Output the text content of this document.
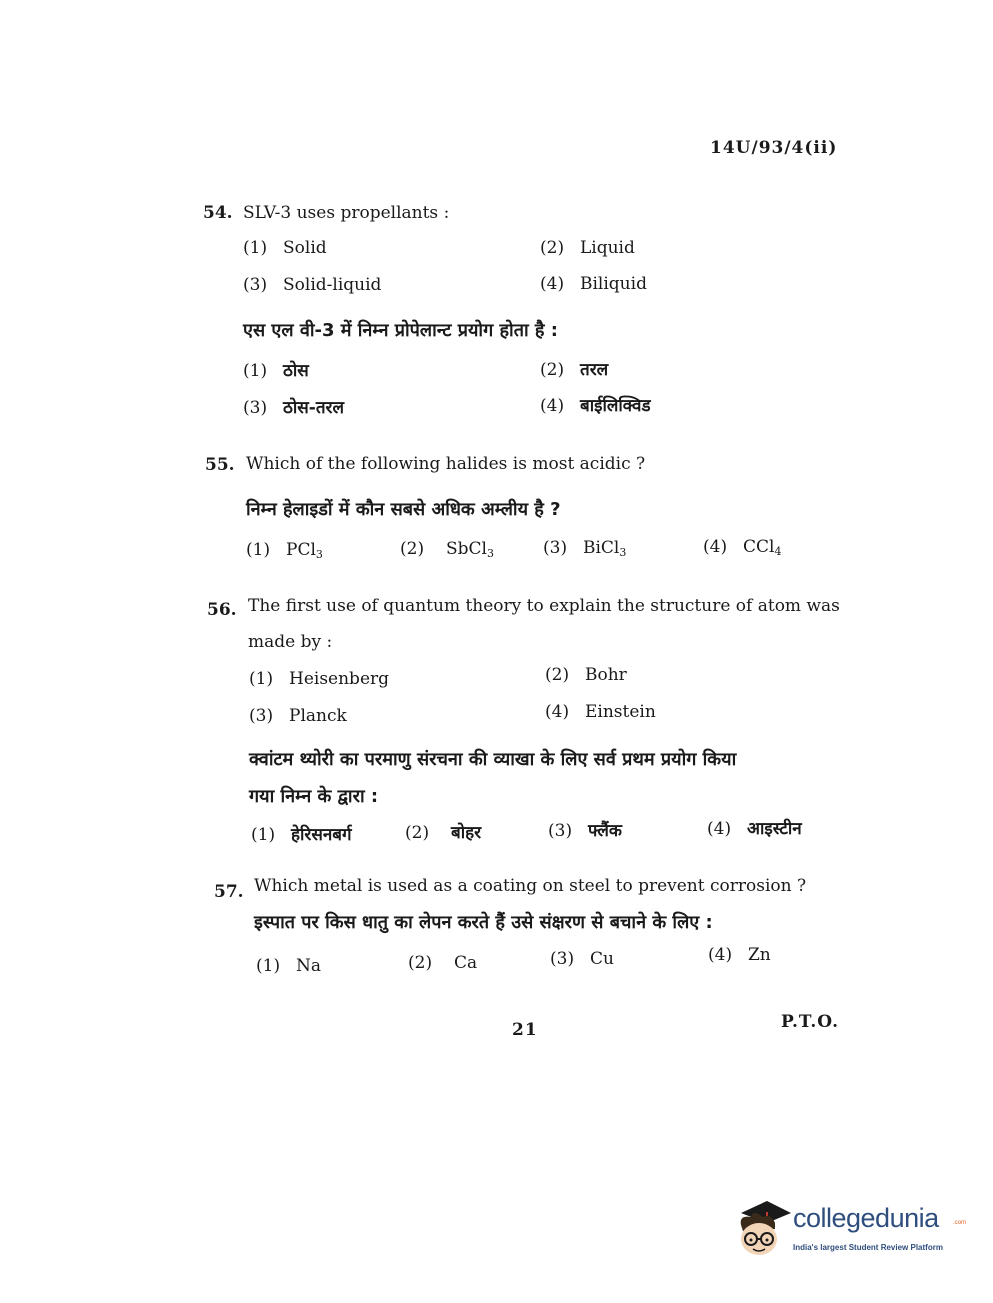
14U/93/4(ii)
54. SLV-3 uses propellants :
(1) Solid	(2) Liquid
(3) Solid-liquid	(4) Biliquid
एस एल वी-3 में निम्न प्रोपेलान्ट प्रयोग होता है :
(1) ठोस	(2) तरल
(3) ठोस-तरल	(4) बाईलिक्विड
55. Which of the following halides is most acidic ?
निम्न हेलाइडों में कौन सबसे अधिक अम्लीय है ?
(1) PCl$_3$	(2) SbCl$_3$	(3) BiCl$_3$	(4) CCl$_4$
56. The first use of quantum theory to explain the structure of atom was
made by :
(1) Heisenberg	(2) Bohr
(3) Planck	(4) Einstein
क्वांटम थ्योरी का परमाणु संरचना की व्याखा के लिए सर्व प्रथम प्रयोग किया
गया निम्न के द्वारा :
(1) हेरिसनबर्ग	(2) बोहर	(3) फ्लैंक	(4) आइस्टीन
57. Which metal is used as a coating on steel to prevent corrosion ?
इस्पात पर किस धातु का लेपन करते हैं उसे संक्षरण से बचाने के लिए :
(1) Na	(2) Ca	(3) Cu	(4) Zn
21	P.T.O.
collegedunia .com
India's largest Student Review Platform
